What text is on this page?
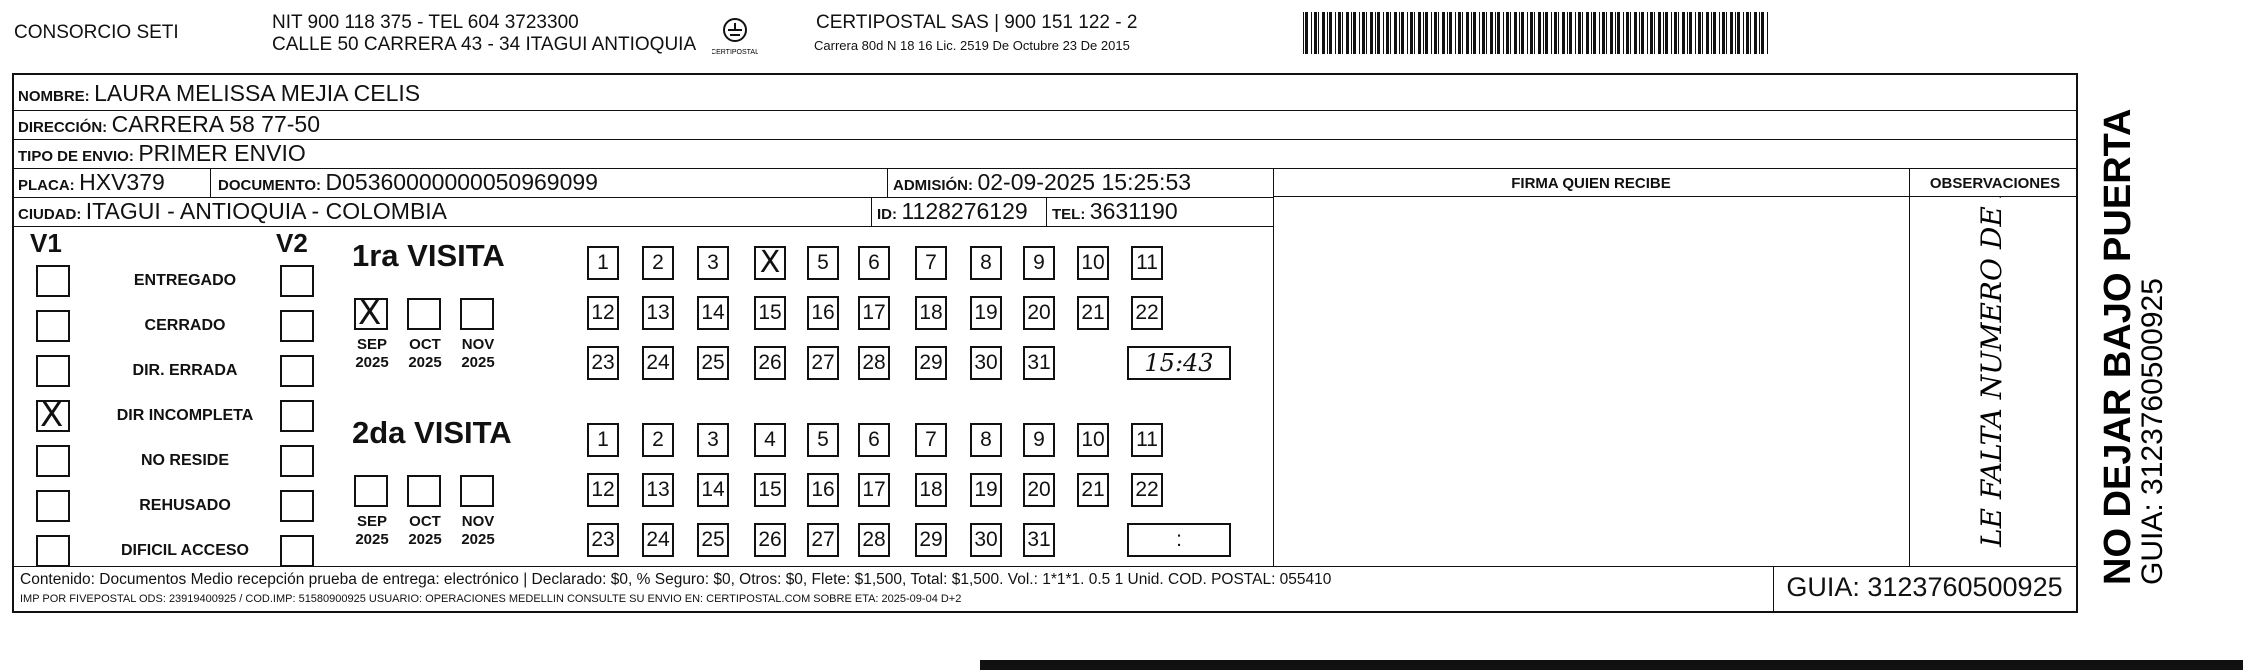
CONSORCIO SETI	NIT 900 118 375 - TEL 604 3723300
CALLE 50 CARRERA 43 - 34 ITAGUI ANTIOQUIA CERTIPOSTAL
CERTIPOSTAL SAS | 900 151 122 - 2
Carrera 80d N 18 16 Lic. 2519 De Octubre 23 De 2015
NOMBRE: LAURA MELISSA MEJIA CELIS
DIRECCIÓN: CARRERA 58 77-50
TIPO DE ENVIO: PRIMER ENVIO
PLACA: HXV379	DOCUMENTO: D05360000000050969099	ADMISIÓN: 02-09-2025 15:25:53
CIUDAD: ITAGUI - ANTIOQUIA - COLOMBIA	ID: 1128276129 TEL: 3631190
FIRMA QUIEN RECIBE	OBSERVACIONES
LE FALTA NUMERO DE INTERIOR
V1	V2
ENTREGADO
CERRADO
DIR. ERRADA
X	DIR INCOMPLETA
NO RESIDE
REHUSADO
DIFICIL ACCESO
1ra VISITA
X
SEP
2025
OCT
2025
NOV
2025
1	2	3	X	5	6	7	8	9	10 11
12 13 14 15 16 17 18 19 20 21 22
23 24 25 26 27 28 29 30 31	15:43
2da VISITA
SEP
2025
OCT
2025
NOV
2025
1	2	3	4	5	6	7	8	9	10 11
12 13 14 15 16 17 18 19 20 21 22
23 24 25 26 27 28 29 30 31	:
Contenido: Documentos Medio recepción prueba de entrega: electrónico | Declarado: $0, % Seguro: $0, Otros: $0, Flete: $1,500, Total: $1,500. Vol.: 1*1*1. 0.5 1 Unid. COD. POSTAL: 055410
IMP POR FIVEPOSTAL ODS: 23919400925 / COD.IMP: 51580900925 USUARIO: OPERACIONES MEDELLIN CONSULTE SU ENVIO EN: CERTIPOSTAL.COM SOBRE ETA: 2025-09-04 D+2	GUIA: 3123760500925
NO DEJAR BAJO PUERTA
GUIA: 3123760500925
